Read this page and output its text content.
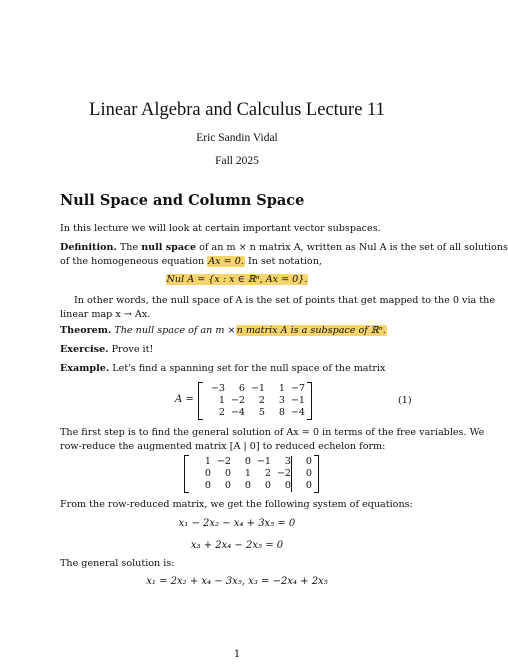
Linear Algebra and Calculus Lecture 11
Eric Sandin Vidal
Fall 2025
Null Space and Column Space
In this lecture we will look at certain important vector subspaces.
Definition. The null space of an m × n matrix A, written as Nul A is the set of all solutions
of the homogeneous equation Ax = 0. In set notation,
Nul A = {x : x ∈ ℝⁿ, Ax = 0}.
In other words, the null space of A is the set of points that get mapped to the 0 via the
linear map x → Ax.
Theorem. The null space of an m ×n matrix A is a subspace of ℝⁿ.
Exercise. Prove it!
Example. Let's find a spanning set for the null space of the matrix
A =
−3	6 −1	1 −7
1 −2	2	3 −1
2 −4	5	8 −4
(1)
The first step is to find the general solution of Ax = 0 in terms of the free variables. We
row-reduce the augmented matrix [A | 0] to reduced echelon form:
1 −2	0 −1	3	0
0	0	1	2 −2	0
0	0	0	0	0	0
From the row-reduced matrix, we get the following system of equations:
x₁ − 2x₂ − x₄ + 3x₅ = 0
x₃ + 2x₄ − 2x₅ = 0
The general solution is:
x₁ = 2x₂ + x₄ − 3x₅, x₃ = −2x₄ + 2x₅
1
